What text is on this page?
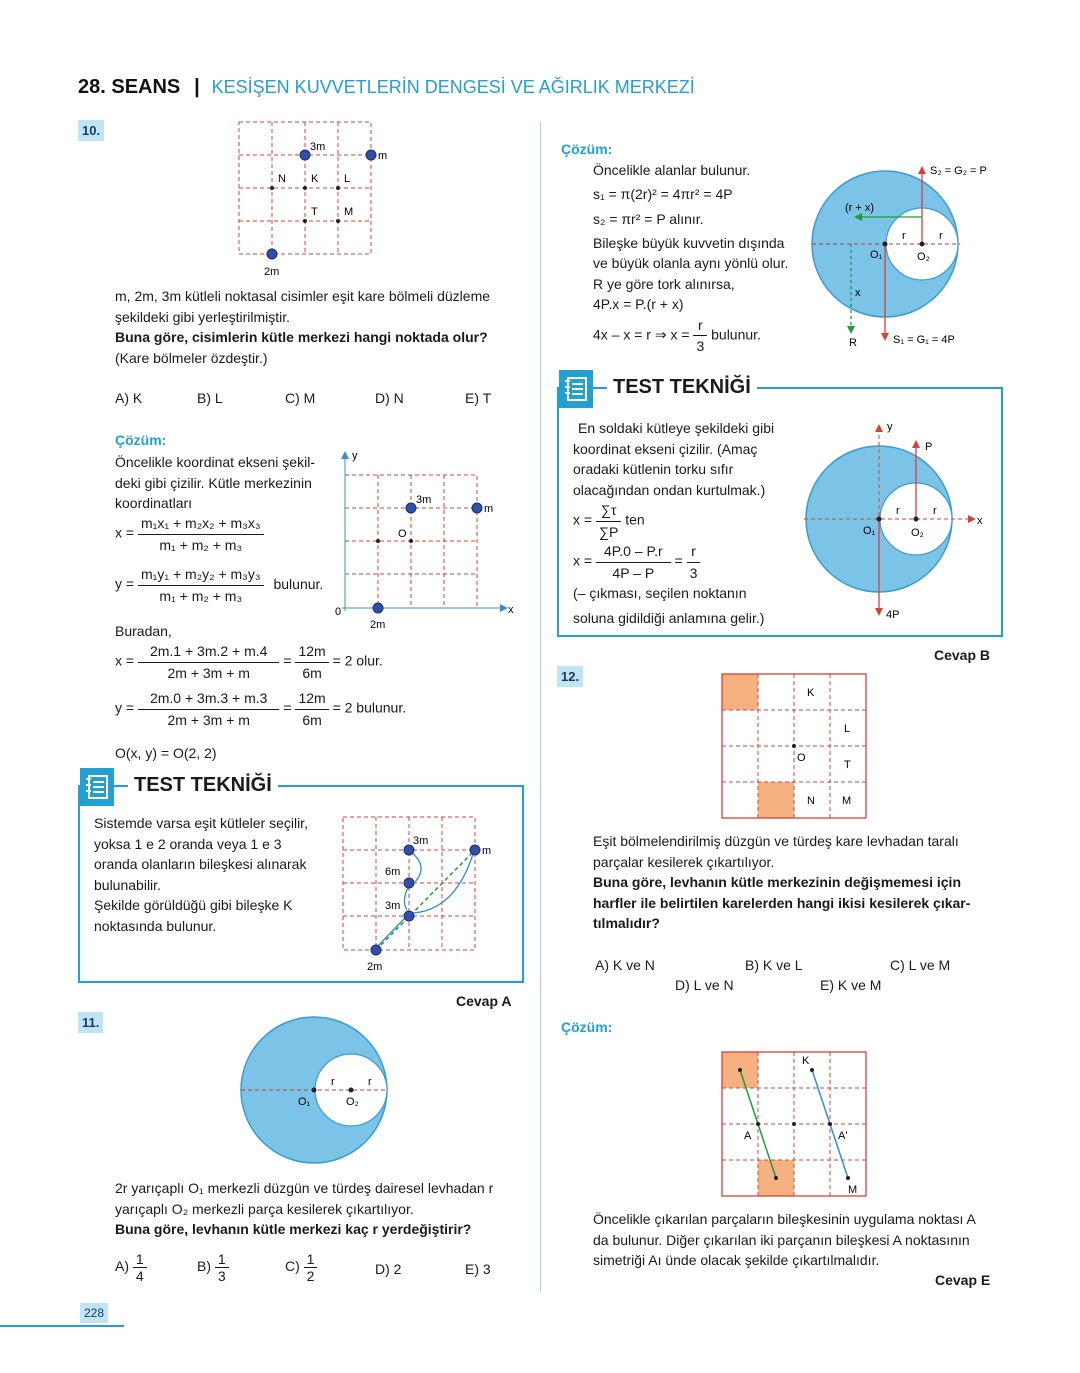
28. SEANS | KESİŞEN KUVVETLERİN DENGESİ VE AĞIRLIK MERKEZİ
10.
3m
m
N K L
T M
2m
m, 2m, 3m kütleli noktasal cisimler eşit kare bölmeli düzleme
şekildeki gibi yerleştirilmiştir.
Buna göre, cisimlerin kütle merkezi hangi noktada olur?
(Kare bölmeler özdeştir.)
A) K	B) L	C) M	D) N	E) T
Çözüm:
Öncelikle koordinat ekseni şekil-
deki gibi çizilir. Kütle merkezinin
koordinatları
$x = \frac{\text{m₁x₁ + m₂x₂ + m₃x₃}}{\text{m₁ + m₂ + m₃}}$
$y = \frac{\text{m₁y₁ + m₂y₂ + m₃y₃}}{\text{m₁ + m₂ + m₃}}$ bulunur.
y
x
0
O
3m
m
2m
Buradan,
$x = \frac{2m.1 + 3m.2 + m.4}{2m + 3m + m} = \frac{12m}{6m} = 2$ olur.
$y = \frac{2m.0 + 3m.3 + m.3}{2m + 3m + m} = \frac{12m}{6m} = 2$ bulunur.
O(x, y) = O(2, 2)
TEST TEKNİĞİ
Sistemde varsa eşit kütleler seçilir,
yoksa 1 e 2 oranda veya 1 e 3
oranda olanların bileşkesi alınarak
bulunabilir.
Şekilde görüldüğü gibi bileşke K
noktasında bulunur.
3m
m
6m
3m
2m
Cevap A
11.
r	r
O₁	O₂
2r yarıçaplı O₁ merkezli düzgün ve türdeş dairesel levhadan r
yarıçaplı O₂ merkezli parça kesilerek çıkartılıyor.
Buna göre, levhanın kütle merkezi kaç r yerdeğiştirir?
$A) \frac{1}{4}$	$B) \frac{1}{3}$	$C) \frac{1}{2}$	D) 2	E) 3
228
Çözüm:
Öncelikle alanlar bulunur.
s₁ = π(2r)² = 4πr² = 4P
s₂ = πr² = P alınır.
Bileşke büyük kuvvetin dışında
ve büyük olanla aynı yönlü olur.
R ye göre tork alınırsa,
4P.x = P.(r + x)
4x – x = r ⇒ $x = \frac{r}{3}$ bulunur.
S₂ = G₂ = P
(r + x)
r	r
O₁	O₂
x
R	S₁ = G₁ = 4P
TEST TEKNİĞİ
En soldaki kütleye şekildeki gibi
koordinat ekseni çizilir. (Amaç
oradaki kütlenin torku sıfır
olacağından ondan kurtulmak.)
$x = \frac{\sum\tau}{\sum P}$ ten
$x = \frac{4P.0 - P.r}{4P - P} = \frac{r}{3}$
(– çıkması, seçilen noktanın
soluna gidildiği anlamına gelir.)
y
P
x
r	r
O₁	O₂
4P
Cevap B
12.
K
L
O
T
N M
Eşit bölmelendirilmiş düzgün ve türdeş kare levhadan taralı
parçalar kesilerek çıkartılıyor.
Buna göre, levhanın kütle merkezinin değişmemesi için
harfler ile belirtilen karelerden hangi ikisi kesilerek çıkar-
tılmalıdır?
A) K ve N	B) K ve L	C) L ve M
D) L ve N	E) K ve M
Çözüm:
K
A	A'
M
Öncelikle çıkarılan parçaların bileşkesinin uygulama noktası A
da bulunur. Diğer çıkarılan iki parçanın bileşkesi A noktasının
simetriği Aı ünde olacak şekilde çıkartılmalıdır.
Cevap E
